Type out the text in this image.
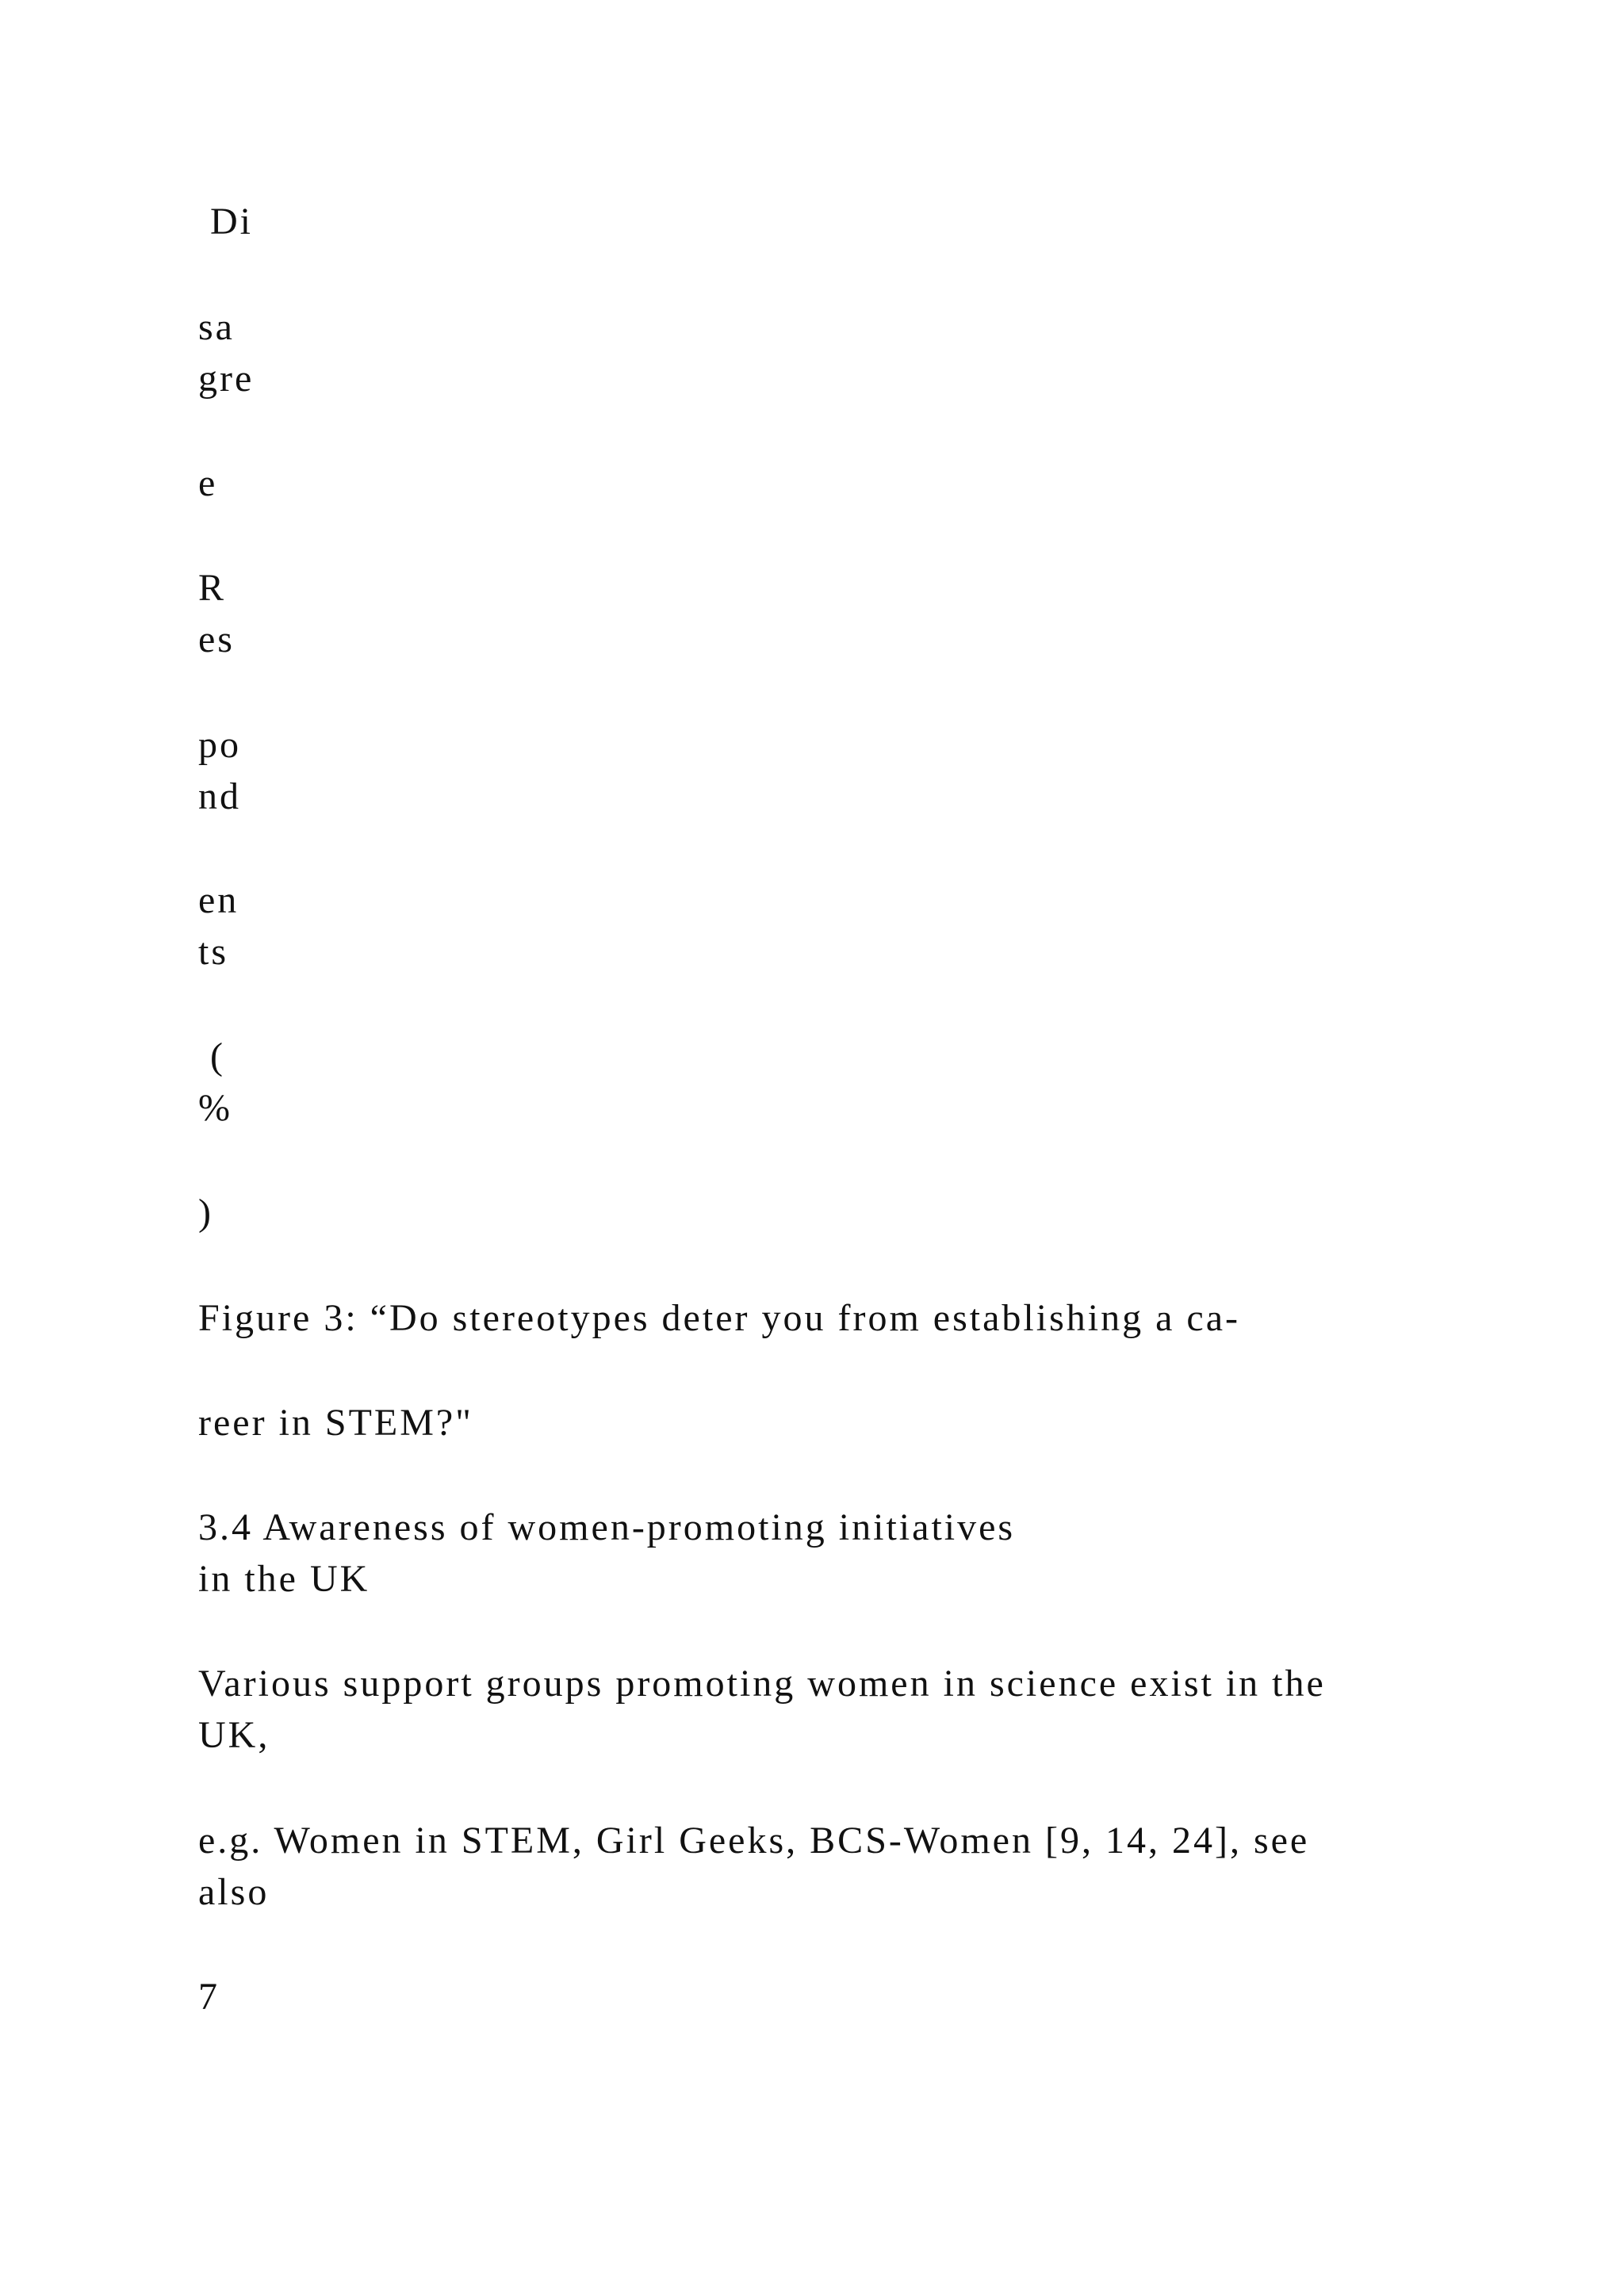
Di
sa
gre
e
R
es
po
nd
en
ts
(
%
)
Figure 3: “Do stereotypes deter you from establishing a ca-
reer in STEM?"
3.4 Awareness of women-promoting initiatives
in the UK
Various support groups promoting women in science exist in the
UK,
e.g. Women in STEM, Girl Geeks, BCS-Women [9, 14, 24], see
also
7
